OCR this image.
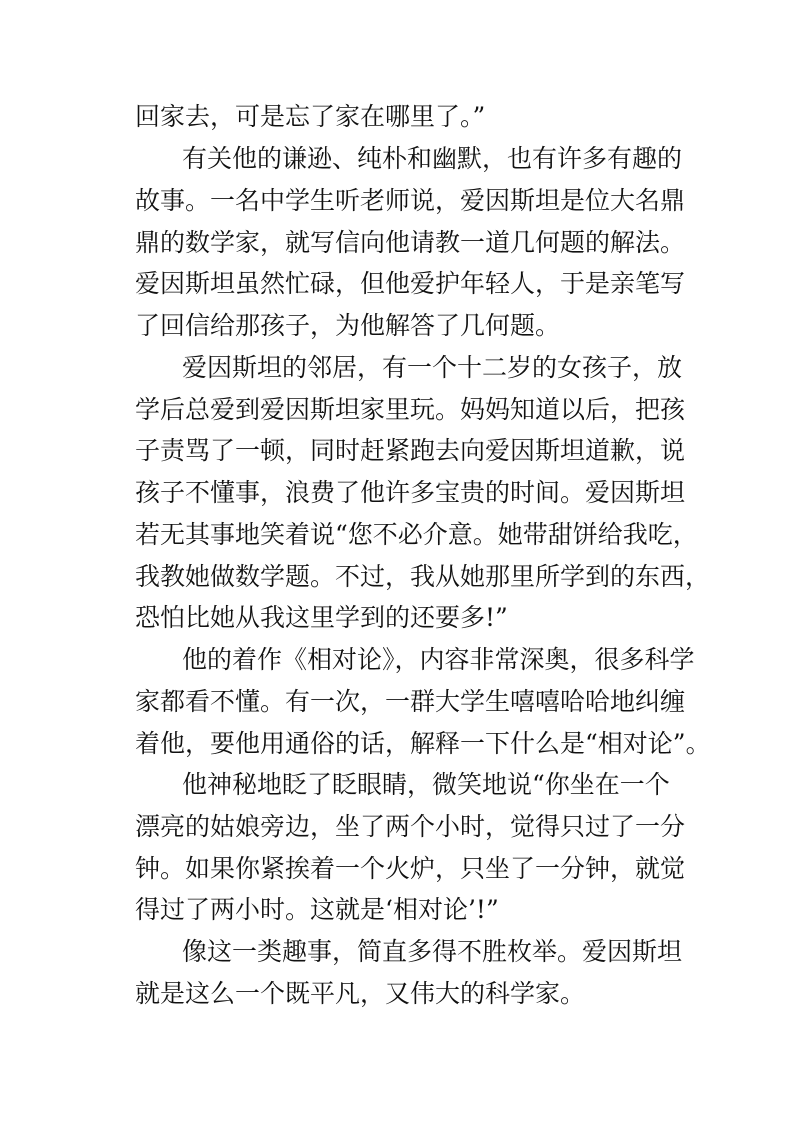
回家去，可是忘了家在哪里了。”
有关他的谦逊、纯朴和幽默，也有许多有趣的
故事。一名中学生听老师说，爱因斯坦是位大名鼎
鼎的数学家，就写信向他请教一道几何题的解法。
爱因斯坦虽然忙碌，但他爱护年轻人，于是亲笔写
了回信给那孩子，为他解答了几何题。
爱因斯坦的邻居，有一个十二岁的女孩子，放
学后总爱到爱因斯坦家里玩。妈妈知道以后，把孩
子责骂了一顿，同时赶紧跑去向爱因斯坦道歉，说
孩子不懂事，浪费了他许多宝贵的时间。爱因斯坦
若无其事地笑着说“您不必介意。她带甜饼给我吃，
我教她做数学题。不过，我从她那里所学到的东西，
恐怕比她从我这里学到的还要多!”
他的着作《相对论》，内容非常深奥，很多科学
家都看不懂。有一次，一群大学生嘻嘻哈哈地纠缠
着他，要他用通俗的话，解释一下什么是“相对论”。
他神秘地眨了眨眼睛，微笑地说“你坐在一个
漂亮的姑娘旁边，坐了两个小时，觉得只过了一分
钟。如果你紧挨着一个火炉，只坐了一分钟，就觉
得过了两小时。这就是‘相对论’!”
像这一类趣事，简直多得不胜枚举。爱因斯坦
就是这么一个既平凡，又伟大的科学家。
